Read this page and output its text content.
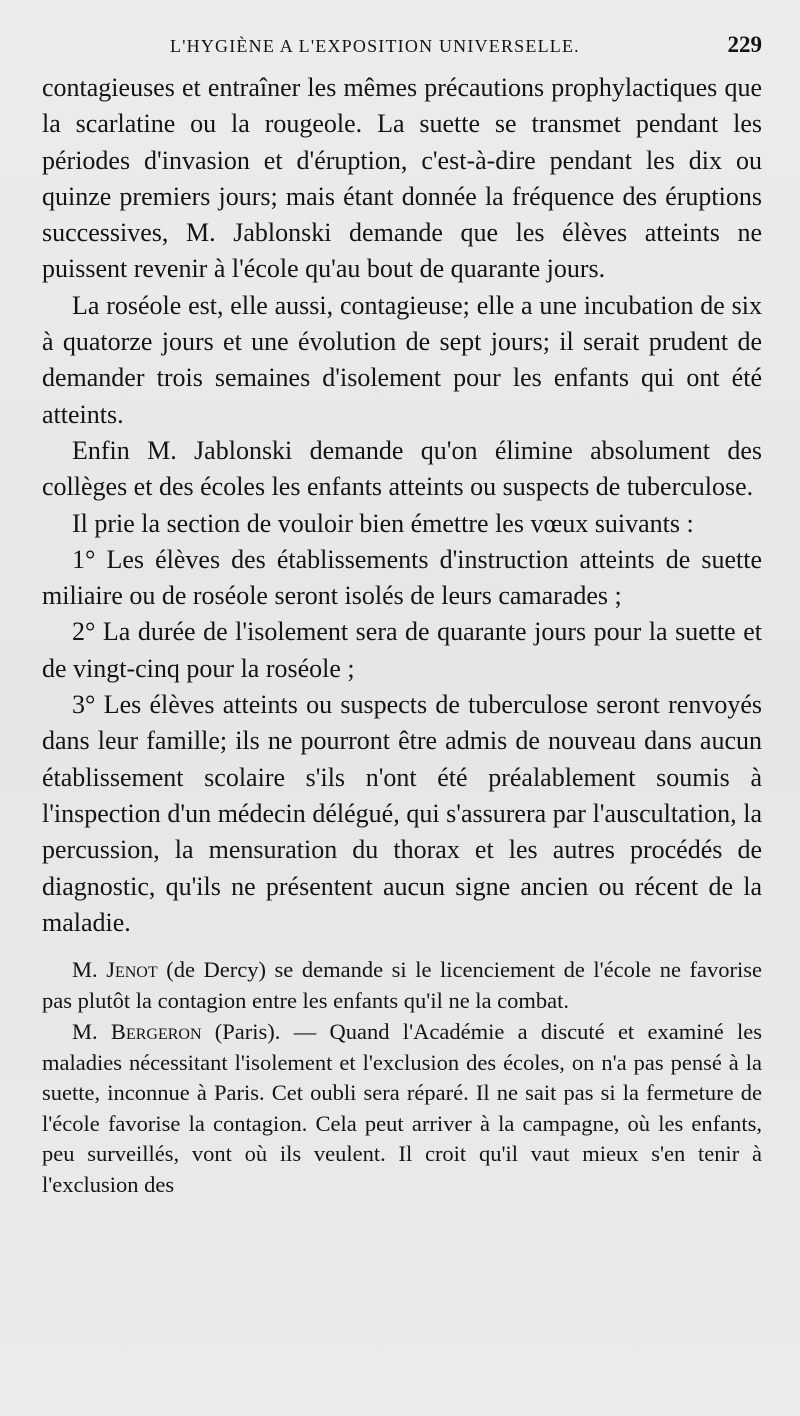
L'HYGIÈNE A L'EXPOSITION UNIVERSELLE.	229

contagieuses et entraîner les mêmes précautions prophylactiques que la scarlatine ou la rougeole. La suette se transmet pendant les périodes d'invasion et d'éruption, c'est-à-dire pendant les dix ou quinze premiers jours; mais étant donnée la fréquence des éruptions successives, M. Jablonski demande que les élèves atteints ne puissent revenir à l'école qu'au bout de quarante jours.

La roséole est, elle aussi, contagieuse; elle a une incubation de six à quatorze jours et une évolution de sept jours; il serait prudent de demander trois semaines d'isolement pour les enfants qui ont été atteints.

Enfin M. Jablonski demande qu'on élimine absolument des collèges et des écoles les enfants atteints ou suspects de tuberculose.

Il prie la section de vouloir bien émettre les vœux suivants :

1° Les élèves des établissements d'instruction atteints de suette miliaire ou de roséole seront isolés de leurs camarades ;

2° La durée de l'isolement sera de quarante jours pour la suette et de vingt-cinq pour la roséole ;

3° Les élèves atteints ou suspects de tuberculose seront renvoyés dans leur famille; ils ne pourront être admis de nouveau dans aucun établissement scolaire s'ils n'ont été préalablement soumis à l'inspection d'un médecin délégué, qui s'assurera par l'auscultation, la percussion, la mensuration du thorax et les autres procédés de diagnostic, qu'ils ne présentent aucun signe ancien ou récent de la maladie.

M. Jenot (de Dercy) se demande si le licenciement de l'école ne favorise pas plutôt la contagion entre les enfants qu'il ne la combat.

M. Bergeron (Paris). — Quand l'Académie a discuté et examiné les maladies nécessitant l'isolement et l'exclusion des écoles, on n'a pas pensé à la suette, inconnue à Paris. Cet oubli sera réparé. Il ne sait pas si la fermeture de l'école favorise la contagion. Cela peut arriver à la campagne, où les enfants, peu surveillés, vont où ils veulent. Il croit qu'il vaut mieux s'en tenir à l'exclusion des
